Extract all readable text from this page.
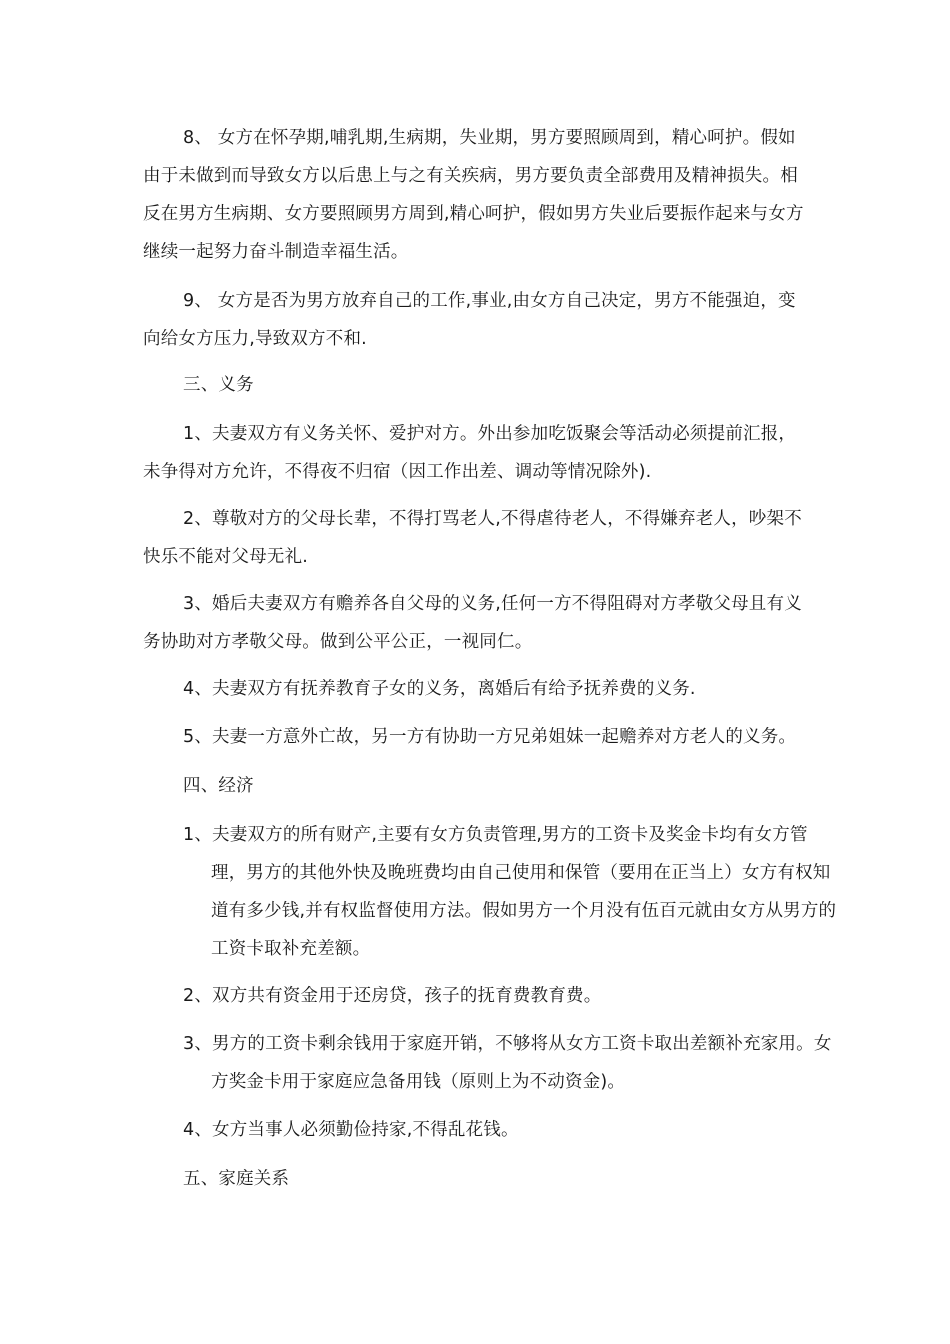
8、 女方在怀孕期,哺乳期,生病期，失业期，男方要照顾周到，精心呵护。假如由于未做到而导致女方以后患上与之有关疾病，男方要负责全部费用及精神损失。相反在男方生病期、女方要照顾男方周到,精心呵护，假如男方失业后要振作起来与女方继续一起努力奋斗制造幸福生活。

9、 女方是否为男方放弃自己的工作,事业,由女方自己决定，男方不能强迫，变向给女方压力,导致双方不和.

三、义务

1、夫妻双方有义务关怀、爱护对方。外出参加吃饭聚会等活动必须提前汇报，未争得对方允许，不得夜不归宿（因工作出差、调动等情况除外).

2、尊敬对方的父母长辈，不得打骂老人,不得虐待老人，不得嫌弃老人，吵架不快乐不能对父母无礼.

3、婚后夫妻双方有赡养各自父母的义务,任何一方不得阻碍对方孝敬父母且有义务协助对方孝敬父母。做到公平公正，一视同仁。

4、夫妻双方有抚养教育子女的义务，离婚后有给予抚养费的义务.

5、夫妻一方意外亡故，另一方有协助一方兄弟姐妹一起赡养对方老人的义务。

四、经济

1、夫妻双方的所有财产,主要有女方负责管理,男方的工资卡及奖金卡均有女方管理，男方的其他外快及晚班费均由自己使用和保管（要用在正当上）女方有权知道有多少钱,并有权监督使用方法。假如男方一个月没有伍百元就由女方从男方的工资卡取补充差额。

2、双方共有资金用于还房贷，孩子的抚育费教育费。

3、男方的工资卡剩余钱用于家庭开销，不够将从女方工资卡取出差额补充家用。女方奖金卡用于家庭应急备用钱（原则上为不动资金)。

4、女方当事人必须勤俭持家,不得乱花钱。

五、家庭关系
